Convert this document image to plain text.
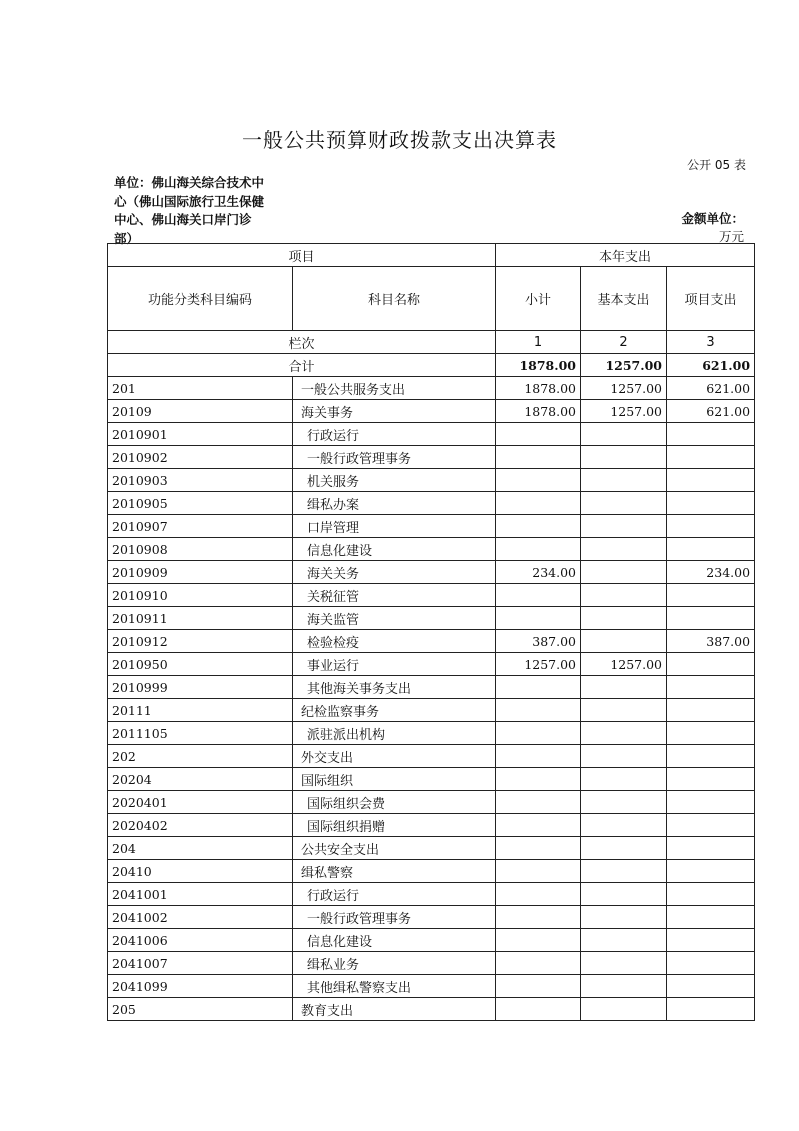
一般公共预算财政拨款支出决算表
公开 05 表
单位：佛山海关综合技术中心（佛山国际旅行卫生保健中心、佛山海关口岸门诊部）
金额单位：
万元
项目		本年支出		
功能分类科目编码	科目名称	小计	基本支出	项目支出
栏次		1	2	3
合计		1878.00	1257.00	621.00
201	一般公共服务支出	1878.00	1257.00	621.00
20109	海关事务	1878.00	1257.00	621.00
2010901	行政运行			
2010902	一般行政管理事务			
2010903	机关服务			
2010905	缉私办案			
2010907	口岸管理			
2010908	信息化建设			
2010909	海关关务	234.00		234.00
2010910	关税征管			
2010911	海关监管			
2010912	检验检疫	387.00		387.00
2010950	事业运行	1257.00	1257.00	
2010999	其他海关事务支出			
20111	纪检监察事务			
2011105	派驻派出机构			
202	外交支出			
20204	国际组织			
2020401	国际组织会费			
2020402	国际组织捐赠			
204	公共安全支出			
20410	缉私警察			
2041001	行政运行			
2041002	一般行政管理事务			
2041006	信息化建设			
2041007	缉私业务			
2041099	其他缉私警察支出			
205	教育支出			
